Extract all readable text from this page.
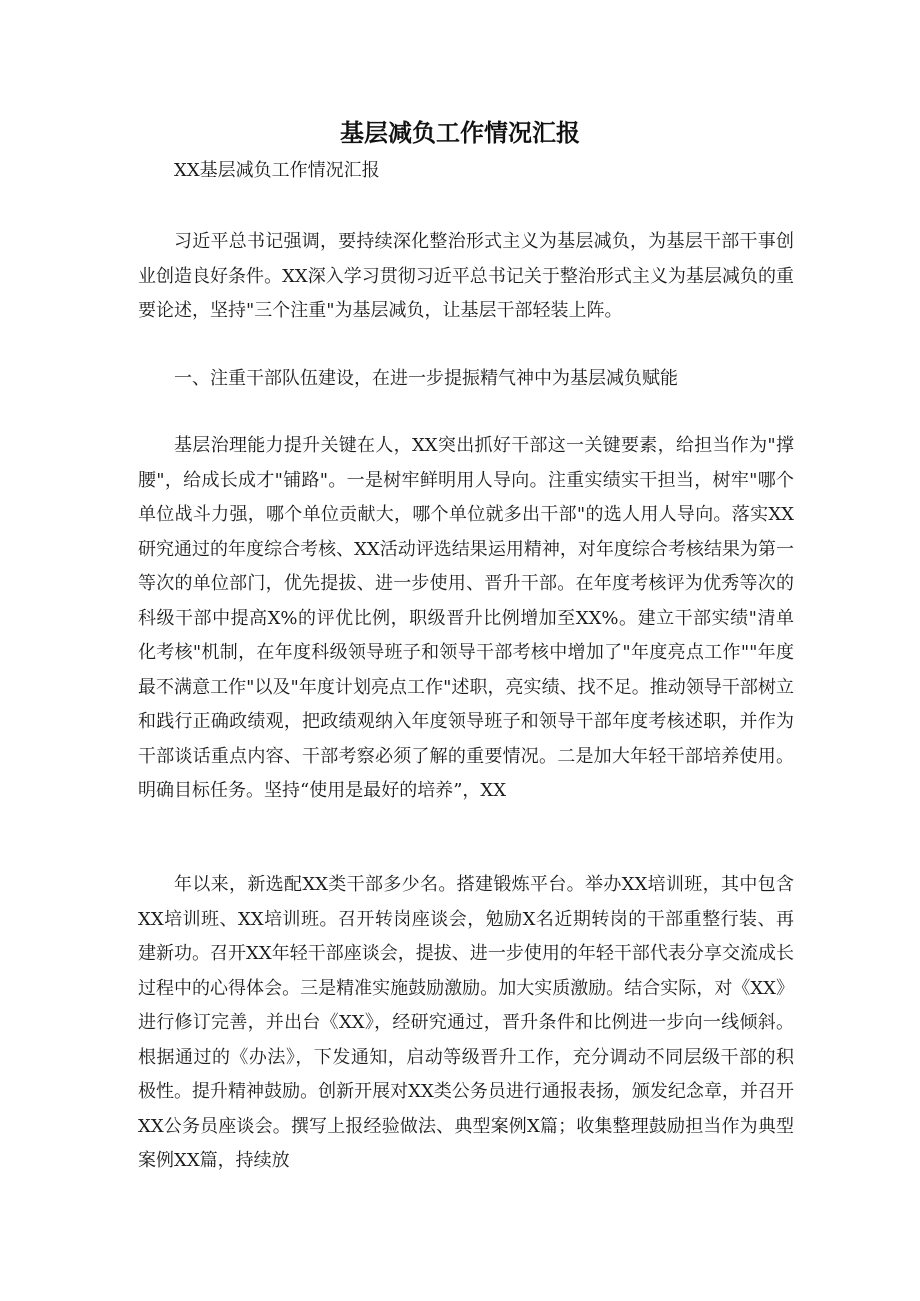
基层减负工作情况汇报

XX基层减负工作情况汇报

习近平总书记强调，要持续深化整治形式主义为基层减负，为基层干部干事创业创造良好条件。XX深入学习贯彻习近平总书记关于整治形式主义为基层减负的重要论述，坚持"三个注重"为基层减负，让基层干部轻装上阵。

一、注重干部队伍建设，在进一步提振精气神中为基层减负赋能

基层治理能力提升关键在人，XX突出抓好干部这一关键要素，给担当作为"撑腰"，给成长成才"铺路"。一是树牢鲜明用人导向。注重实绩实干担当，树牢"哪个单位战斗力强，哪个单位贡献大，哪个单位就多出干部"的选人用人导向。落实XX研究通过的年度综合考核、XX活动评选结果运用精神，对年度综合考核结果为第一等次的单位部门，优先提拔、进一步使用、晋升干部。在年度考核评为优秀等次的科级干部中提高X%的评优比例，职级晋升比例增加至XX%。建立干部实绩"清单化考核"机制，在年度科级领导班子和领导干部考核中增加了"年度亮点工作""年度最不满意工作"以及"年度计划亮点工作"述职，亮实绩、找不足。推动领导干部树立和践行正确政绩观，把政绩观纳入年度领导班子和领导干部年度考核述职，并作为干部谈话重点内容、干部考察必须了解的重要情况。二是加大年轻干部培养使用。明确目标任务。坚持“使用是最好的培养”，XX

年以来，新选配XX类干部多少名。搭建锻炼平台。举办XX培训班，其中包含XX培训班、XX培训班。召开转岗座谈会，勉励X名近期转岗的干部重整行装、再建新功。召开XX年轻干部座谈会，提拔、进一步使用的年轻干部代表分享交流成长过程中的心得体会。三是精准实施鼓励激励。加大实质激励。结合实际，对《XX》进行修订完善，并出台《XX》，经研究通过，晋升条件和比例进一步向一线倾斜。根据通过的《办法》，下发通知，启动等级晋升工作，充分调动不同层级干部的积极性。提升精神鼓励。创新开展对XX类公务员进行通报表扬，颁发纪念章，并召开XX公务员座谈会。撰写上报经验做法、典型案例X篇；收集整理鼓励担当作为典型案例XX篇，持续放
